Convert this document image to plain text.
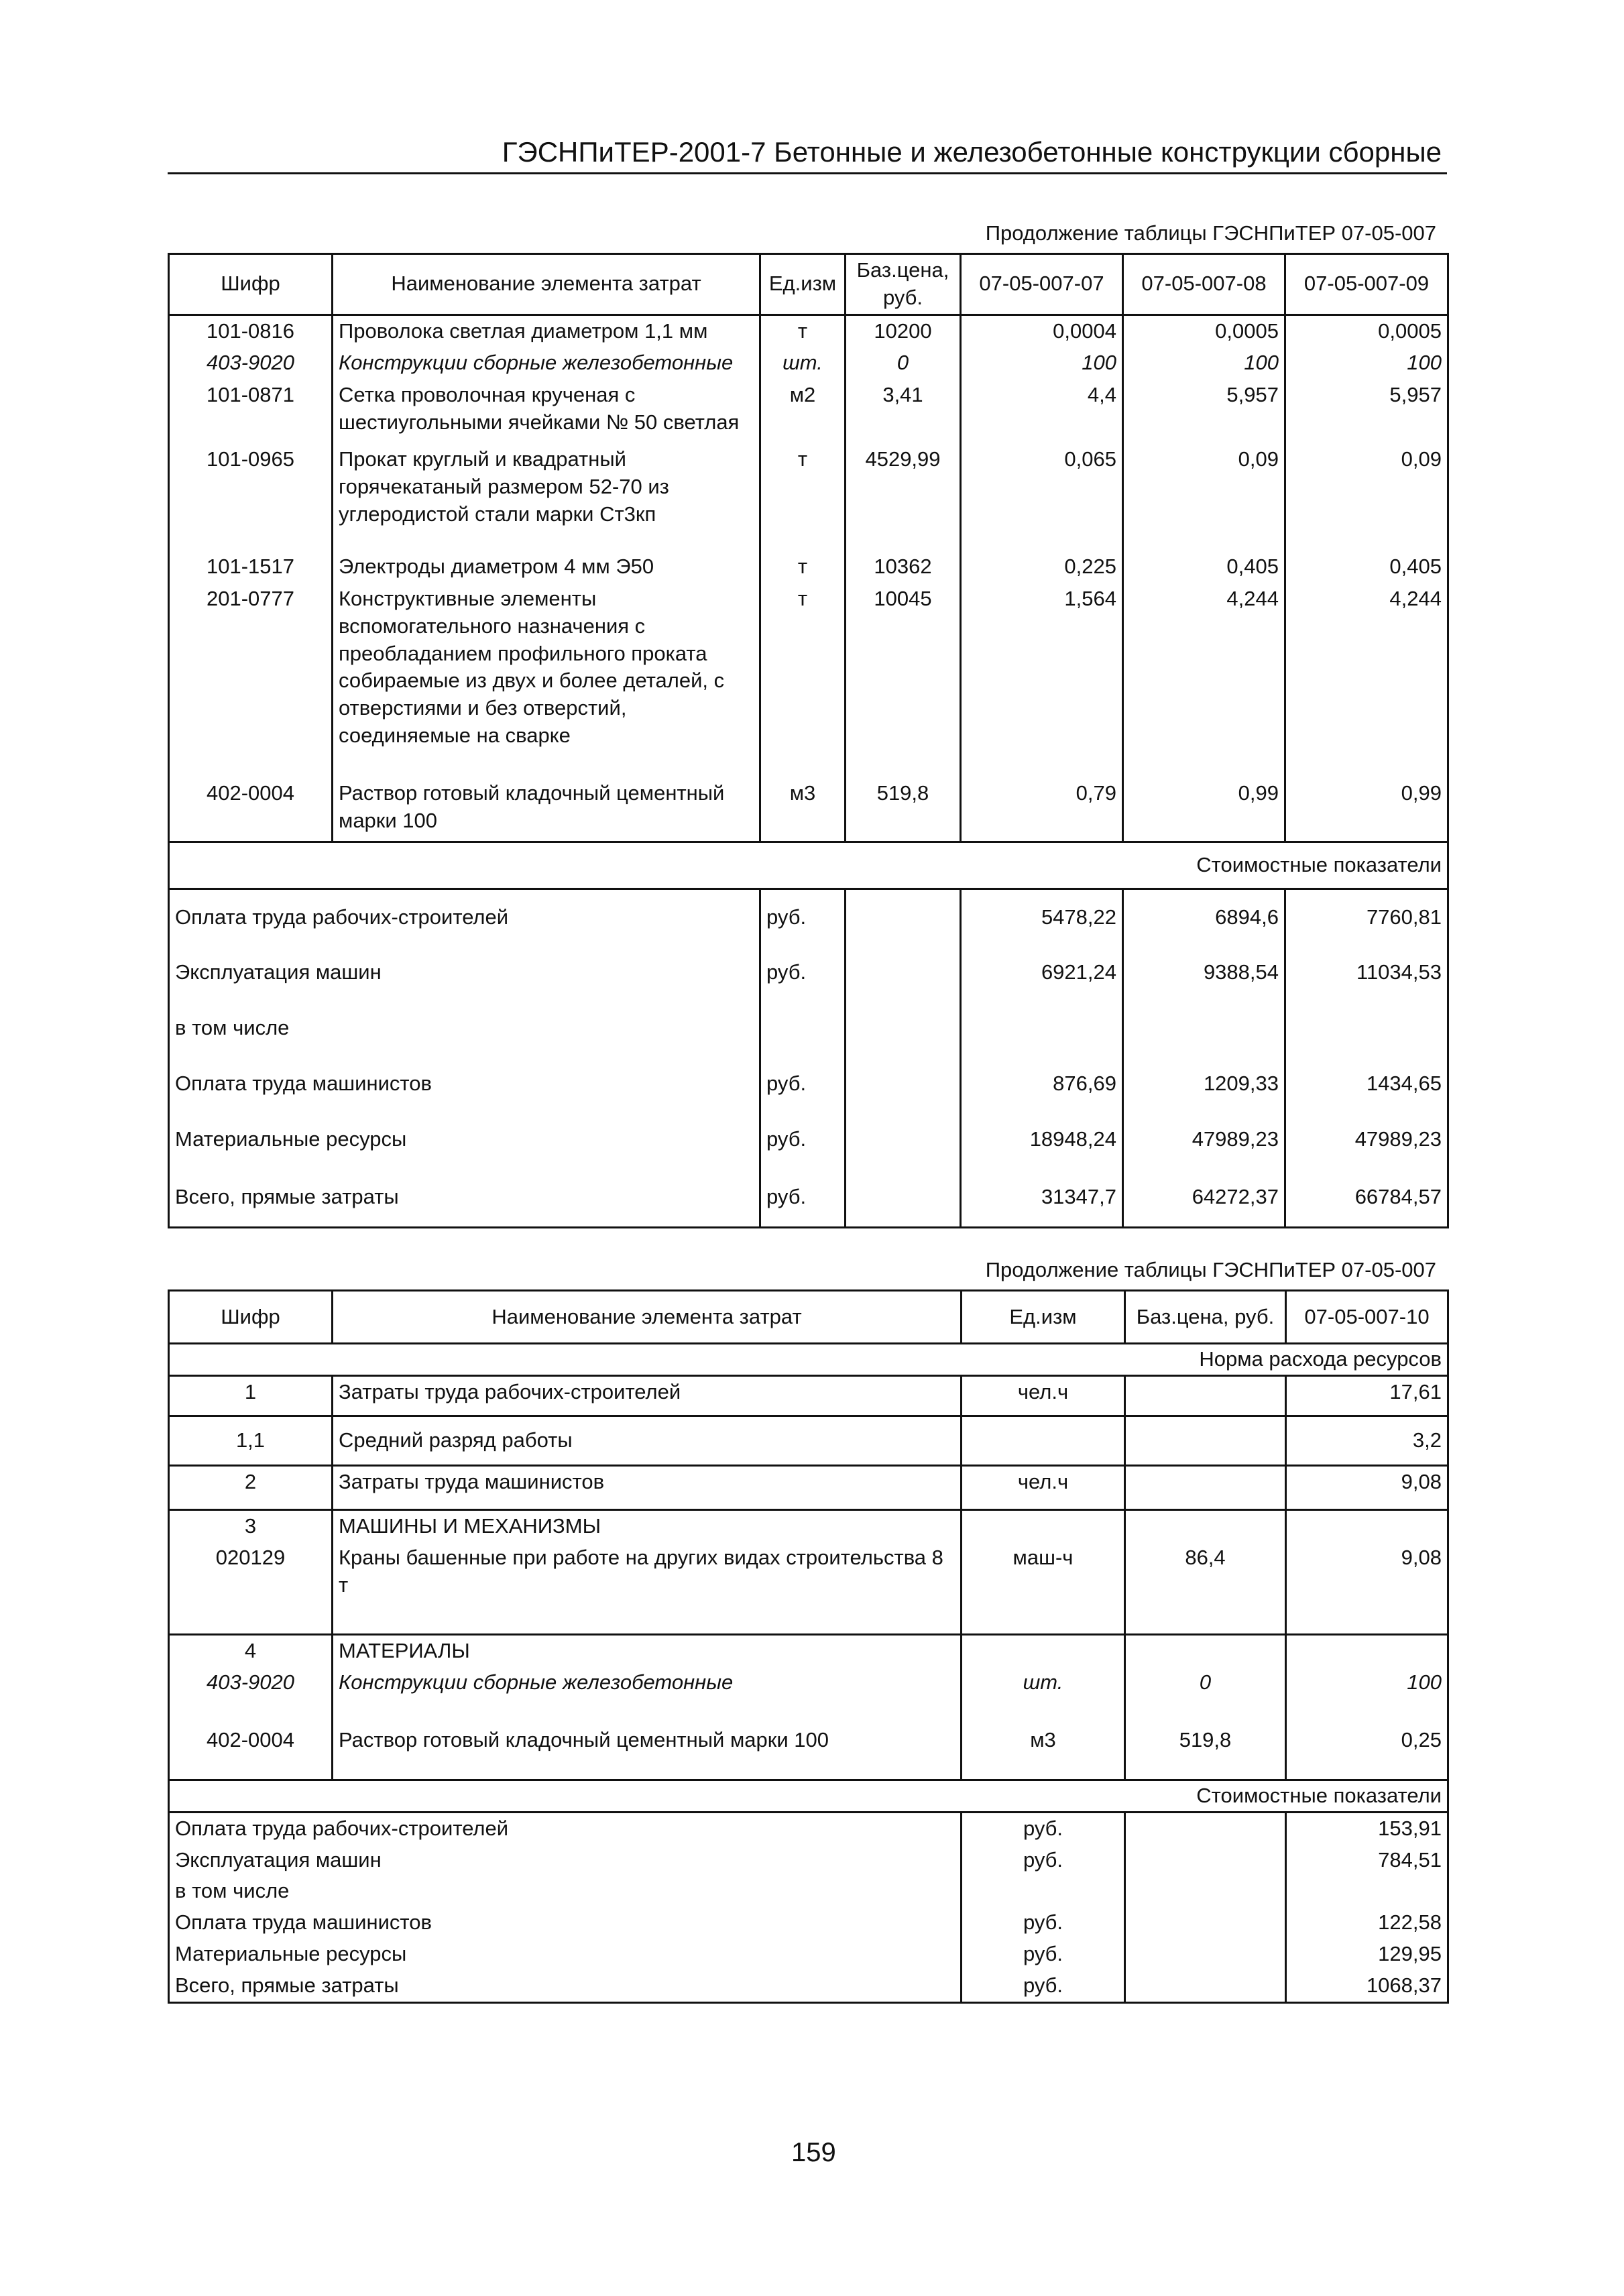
ГЭСНПиТЕР-2001-7 Бетонные и железобетонные конструкции сборные
Продолжение таблицы ГЭСНПиТЕР 07-05-007
Шифр	Наименование элемента затрат	Ед.изм	Баз.цена, руб.	07-05-007-07	07-05-007-08	07-05-007-09
101-0816	Проволока светлая диаметром 1,1 мм	т	10200	0,0004	0,0005	0,0005
403-9020	Конструкции сборные железобетонные	шт.	0	100	100	100
101-0871	Сетка проволочная крученая с шестиугольными ячейками № 50 светлая	м2	3,41	4,4	5,957	5,957
101-0965	Прокат круглый и квадратный горячекатаный размером 52-70 из углеродистой стали марки Ст3кп	т	4529,99	0,065	0,09	0,09
101-1517	Электроды диаметром 4 мм Э50	т	10362	0,225	0,405	0,405
201-0777	Конструктивные элементы вспомогательного назначения с преобладанием профильного проката собираемые из двух и более деталей, с отверстиями и без отверстий, соединяемые на сварке	т	10045	1,564	4,244	4,244
402-0004	Раствор готовый кладочный цементный марки 100	м3	519,8	0,79	0,99	0,99
Стоимостные показатели						
Оплата труда рабочих-строителей		руб.		5478,22	6894,6	7760,81
Эксплуатация машин		руб.		6921,24	9388,54	11034,53
в том числе						
Оплата труда машинистов		руб.		876,69	1209,33	1434,65
Материальные ресурсы		руб.		18948,24	47989,23	47989,23
Всего, прямые затраты		руб.		31347,7	64272,37	66784,57
Продолжение таблицы ГЭСНПиТЕР 07-05-007
Шифр	Наименование элемента затрат	Ед.изм	Баз.цена, руб.	07-05-007-10
Норма расхода ресурсов				
1	Затраты труда рабочих-строителей	чел.ч		17,61
1,1	Средний разряд работы			3,2
2	Затраты труда машинистов	чел.ч		9,08
3	МАШИНЫ И МЕХАНИЗМЫ			
020129	Краны башенные при работе на других видах строительства 8 т	маш-ч	86,4	9,08
4	МАТЕРИАЛЫ			
403-9020	Конструкции сборные железобетонные	шт.	0	100
402-0004	Раствор готовый кладочный цементный марки 100	м3	519,8	0,25
Стоимостные показатели				
Оплата труда рабочих-строителей		руб.		153,91
Эксплуатация машин		руб.		784,51
в том числе				
Оплата труда машинистов		руб.		122,58
Материальные ресурсы		руб.		129,95
Всего, прямые затраты		руб.		1068,37
159
